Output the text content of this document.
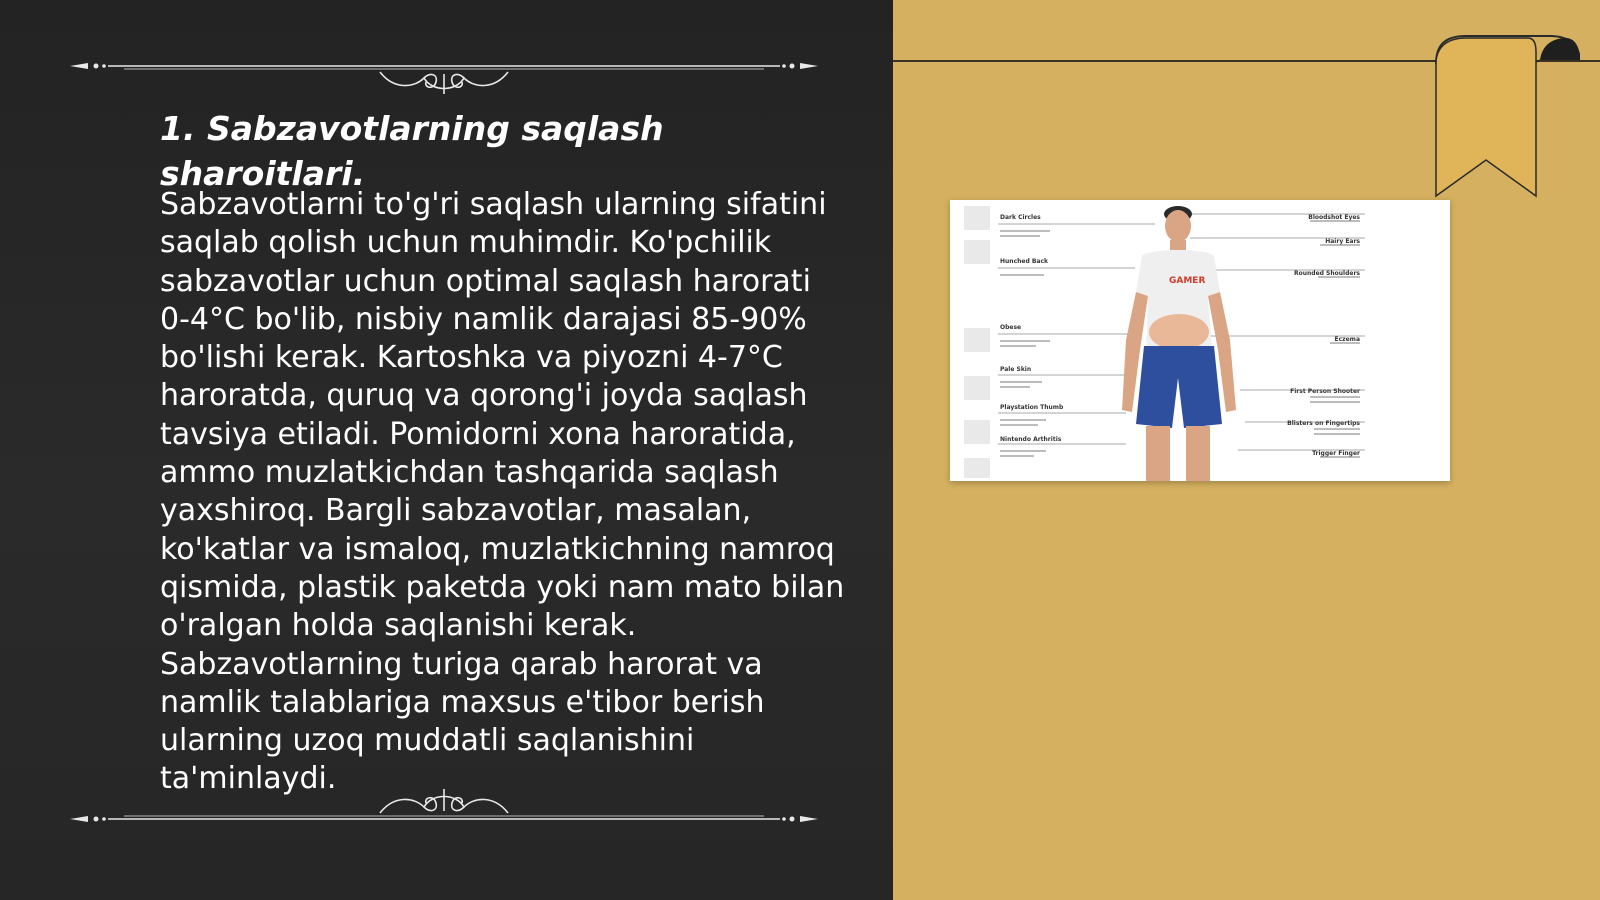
1. Sabzavotlarning saqlash sharoitlari.

Sabzavotlarni to'g'ri saqlash ularning sifatini saqlab qolish uchun muhimdir. Ko'pchilik sabzavotlar uchun optimal saqlash harorati 0-4°C bo'lib, nisbiy namlik darajasi 85-90% bo'lishi kerak. Kartoshka va piyozni 4-7°C haroratda, quruq va qorong'i joyda saqlash tavsiya etiladi. Pomidorni xona haroratida, ammo muzlatkichdan tashqarida saqlash yaxshiroq. Bargli sabzavotlar, masalan, ko'katlar va ismaloq, muzlatkichning namroq qismida, plastik paketda yoki nam mato bilan o'ralgan holda saqlanishi kerak. Sabzavotlarning turiga qarab harorat va namlik talablariga maxsus e'tibor berish ularning uzoq muddatli saqlanishini ta'minlaydi.

GAMER
Dark Circles
Hunched Back
Obese
Pale Skin
Playstation Thumb
Nintendo Arthritis
Bloodshot Eyes
Hairy Ears
Rounded Shoulders
Eczema
First Person Shooter
Blisters on Fingertips
Trigger Finger
